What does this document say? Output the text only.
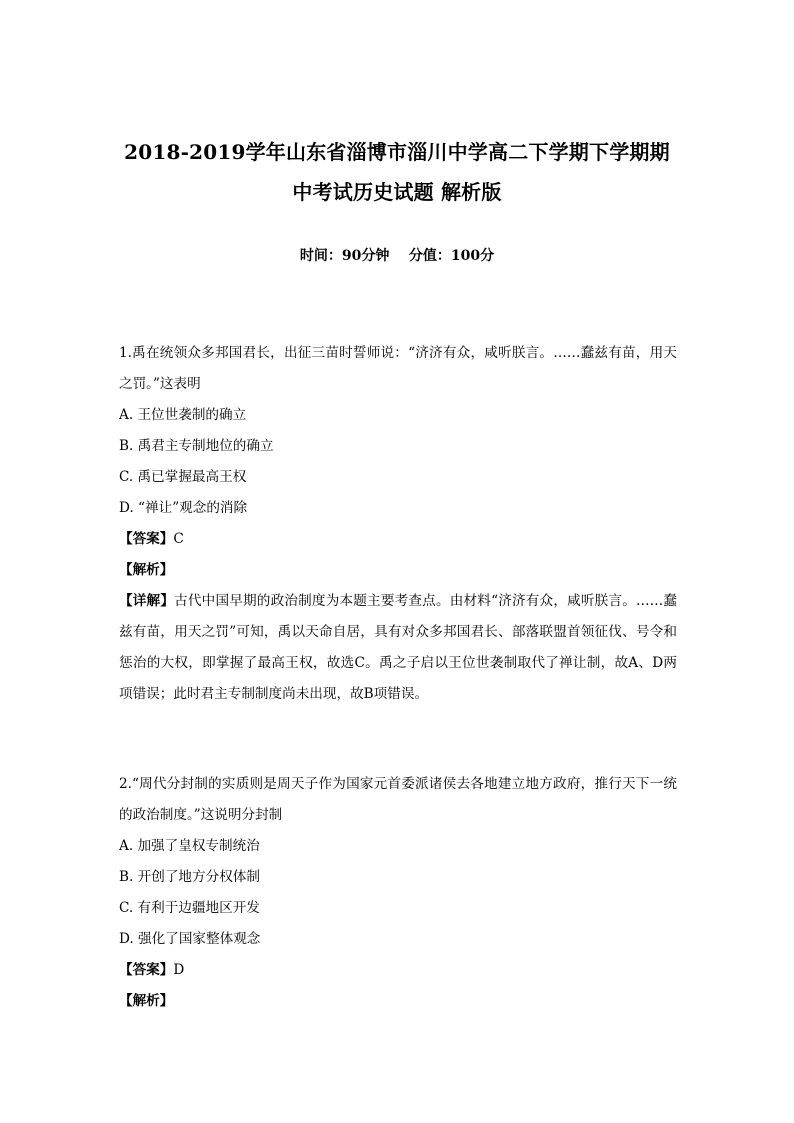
2018-2019学年山东省淄博市淄川中学高二下学期下学期期
中考试历史试题 解析版
时间：90分钟    分值：100分

1.禹在统领众多邦国君长，出征三苗时誓师说：“济济有众，咸听朕言。……蠢兹有苗，用天之罚。”这表明

A. 王位世袭制的确立

B. 禹君主专制地位的确立

C. 禹已掌握最高王权

D. “禅让”观念的消除

【答案】C

【解析】

【详解】古代中国早期的政治制度为本题主要考查点。由材料“济济有众，咸听朕言。……蠢兹有苗，用天之罚”可知，禹以天命自居，具有对众多邦国君长、部落联盟首领征伐、号令和惩治的大权，即掌握了最高王权，故选C。禹之子启以王位世袭制取代了禅让制，故A、D两项错误；此时君主专制制度尚未出现，故B项错误。

2.“周代分封制的实质则是周天子作为国家元首委派诸侯去各地建立地方政府，推行天下一统的政治制度。”这说明分封制

A. 加强了皇权专制统治

B. 开创了地方分权体制

C. 有利于边疆地区开发

D. 强化了国家整体观念

【答案】D

【解析】
